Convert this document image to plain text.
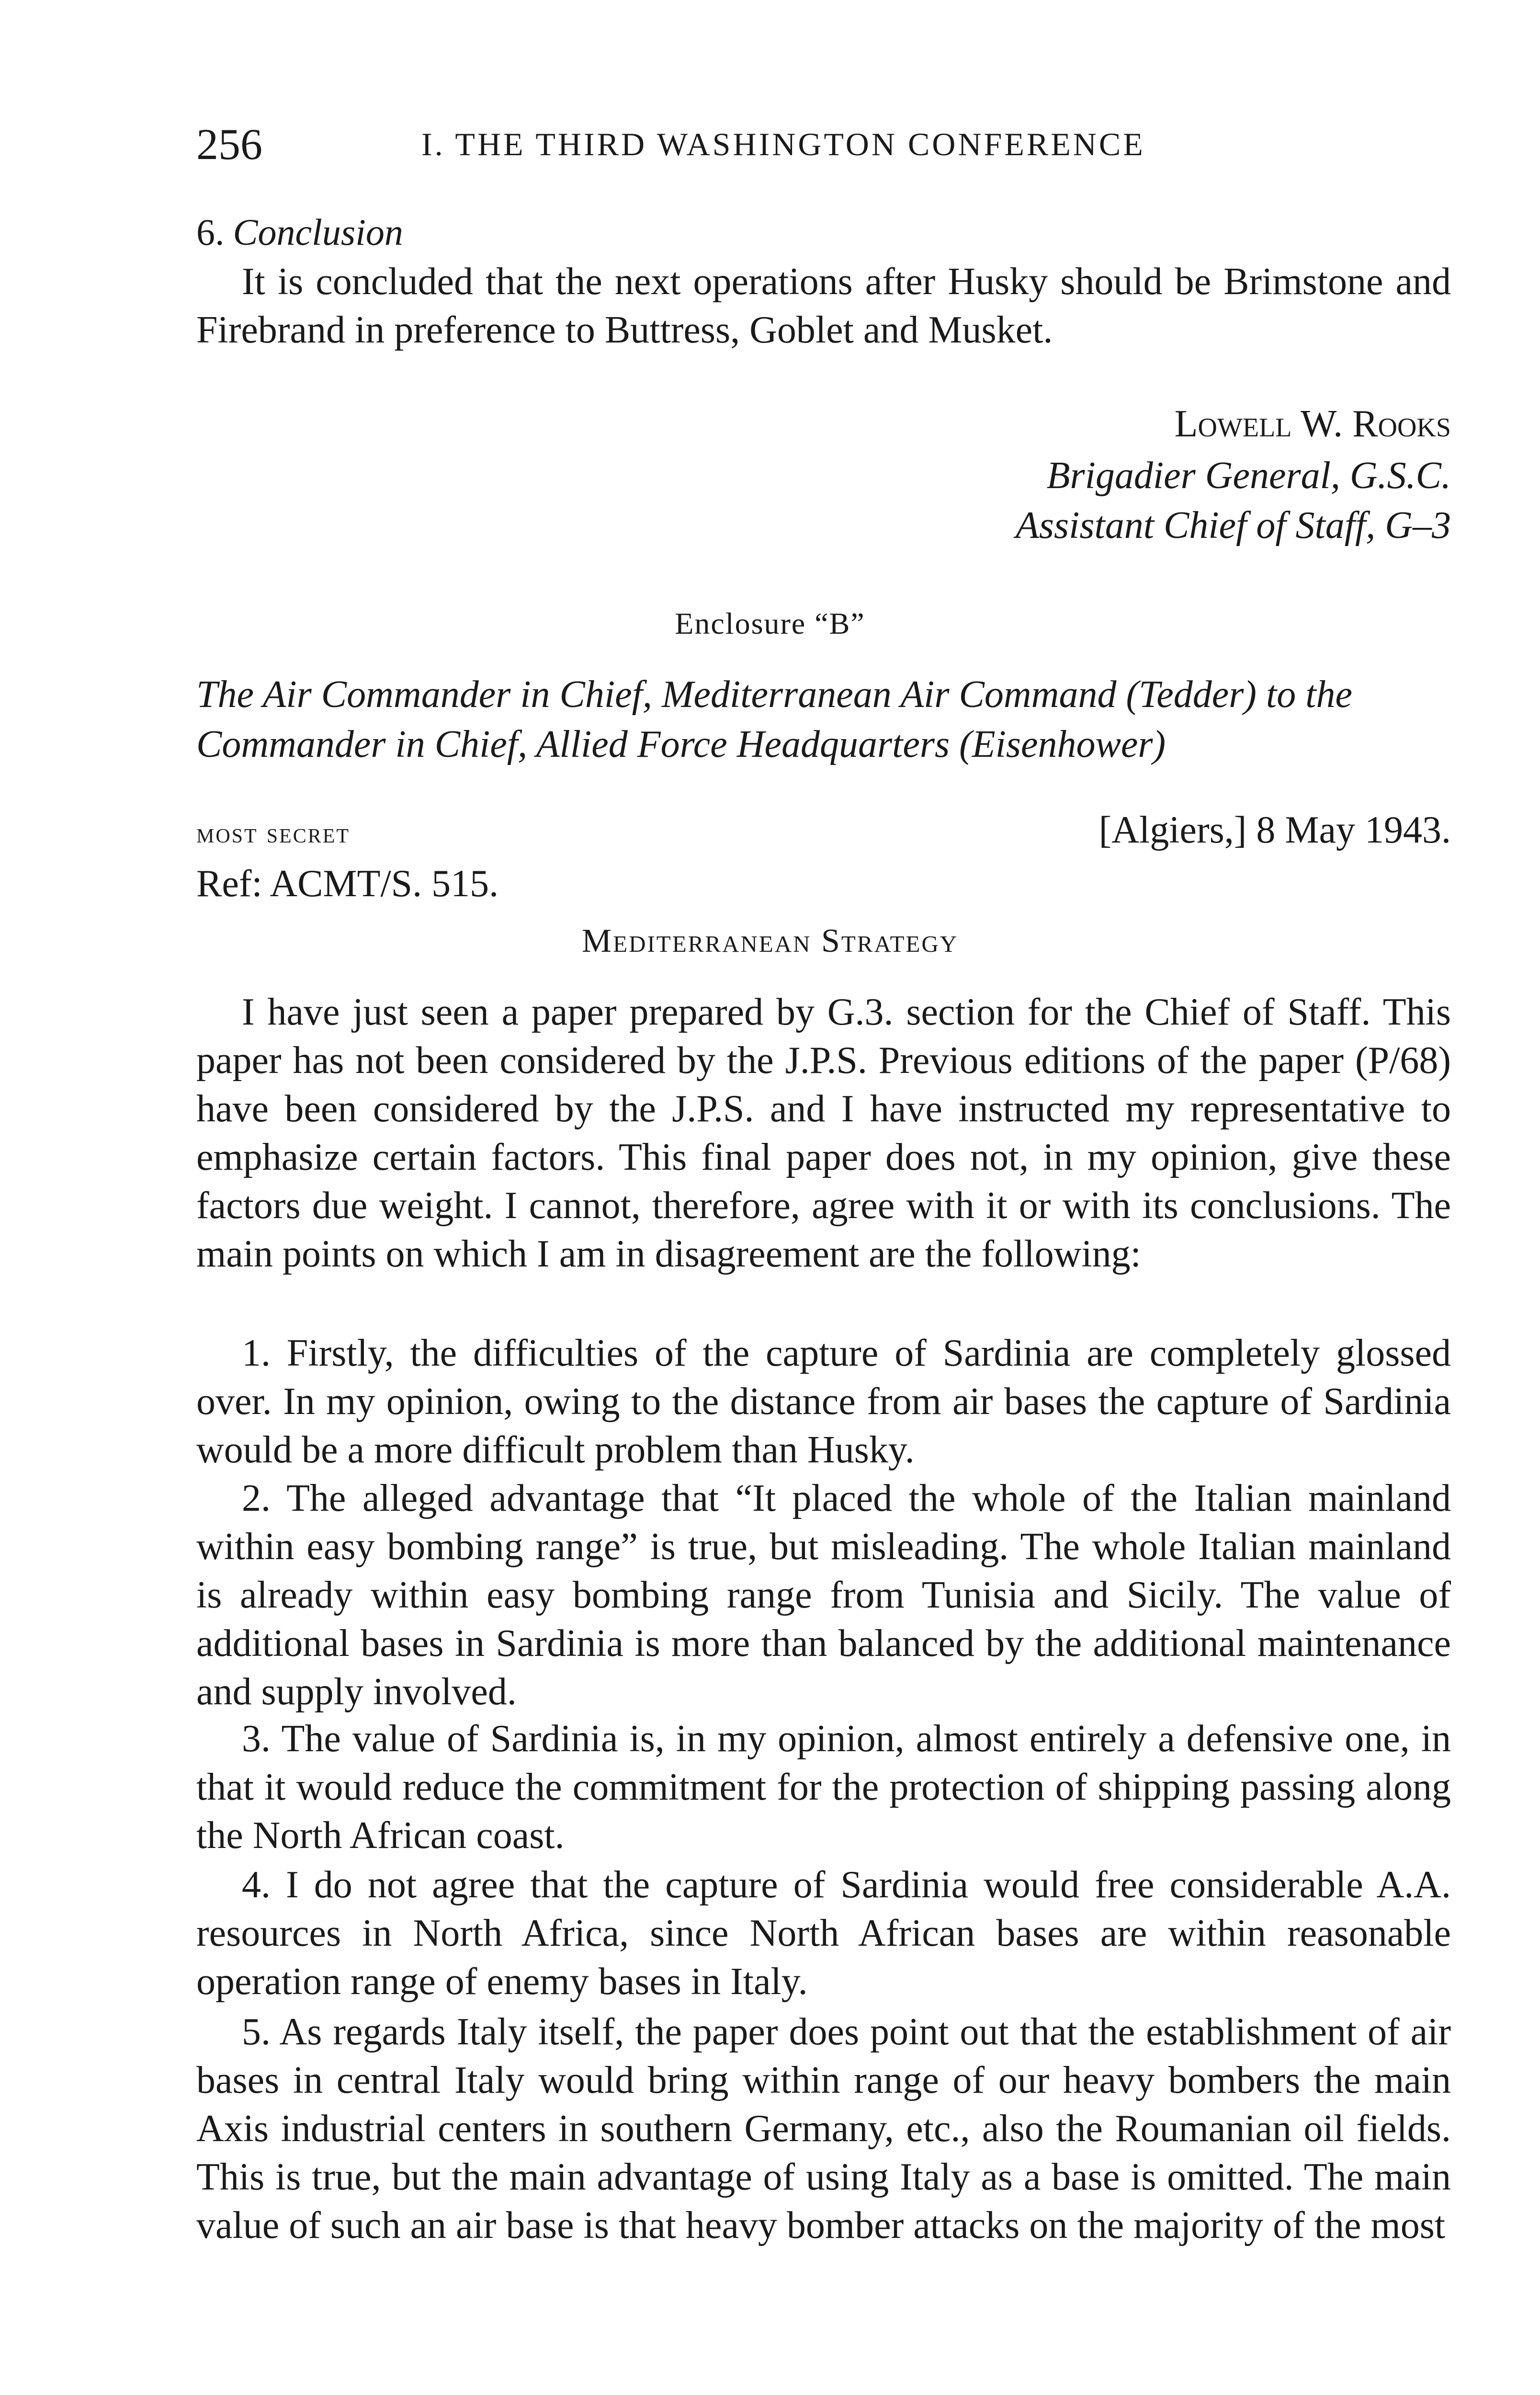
256	I. THE THIRD WASHINGTON CONFERENCE
6. Conclusion
It is concluded that the next operations after Husky should be Brimstone and Firebrand in preference to Buttress, Goblet and Musket.
Lowell W. Rooks
Brigadier General, G.S.C.
Assistant Chief of Staff, G–3
Enclosure “B”
The Air Commander in Chief, Mediterranean Air Command (Tedder) to the Commander in Chief, Allied Force Headquarters (Eisenhower)
most secret	[Algiers,] 8 May 1943.
Ref: ACMT/S. 515.
Mediterranean Strategy
I have just seen a paper prepared by G.3. section for the Chief of Staff. This paper has not been considered by the J.P.S. Previous editions of the paper (P/68) have been considered by the J.P.S. and I have instructed my representative to emphasize certain factors. This final paper does not, in my opinion, give these factors due weight. I cannot, therefore, agree with it or with its conclusions. The main points on which I am in disagreement are the following:
1. Firstly, the difficulties of the capture of Sardinia are completely glossed over. In my opinion, owing to the distance from air bases the capture of Sardinia would be a more difficult problem than Husky.
2. The alleged advantage that “It placed the whole of the Italian mainland within easy bombing range” is true, but misleading. The whole Italian mainland is already within easy bombing range from Tunisia and Sicily. The value of additional bases in Sardinia is more than balanced by the additional maintenance and supply involved.
3. The value of Sardinia is, in my opinion, almost entirely a defensive one, in that it would reduce the commitment for the protection of shipping passing along the North African coast.
4. I do not agree that the capture of Sardinia would free considerable A.A. resources in North Africa, since North African bases are within reasonable operation range of enemy bases in Italy.
5. As regards Italy itself, the paper does point out that the establishment of air bases in central Italy would bring within range of our heavy bombers the main Axis industrial centers in southern Germany, etc., also the Roumanian oil fields. This is true, but the main advantage of using Italy as a base is omitted. The main value of such an air base is that heavy bomber attacks on the majority of the most
